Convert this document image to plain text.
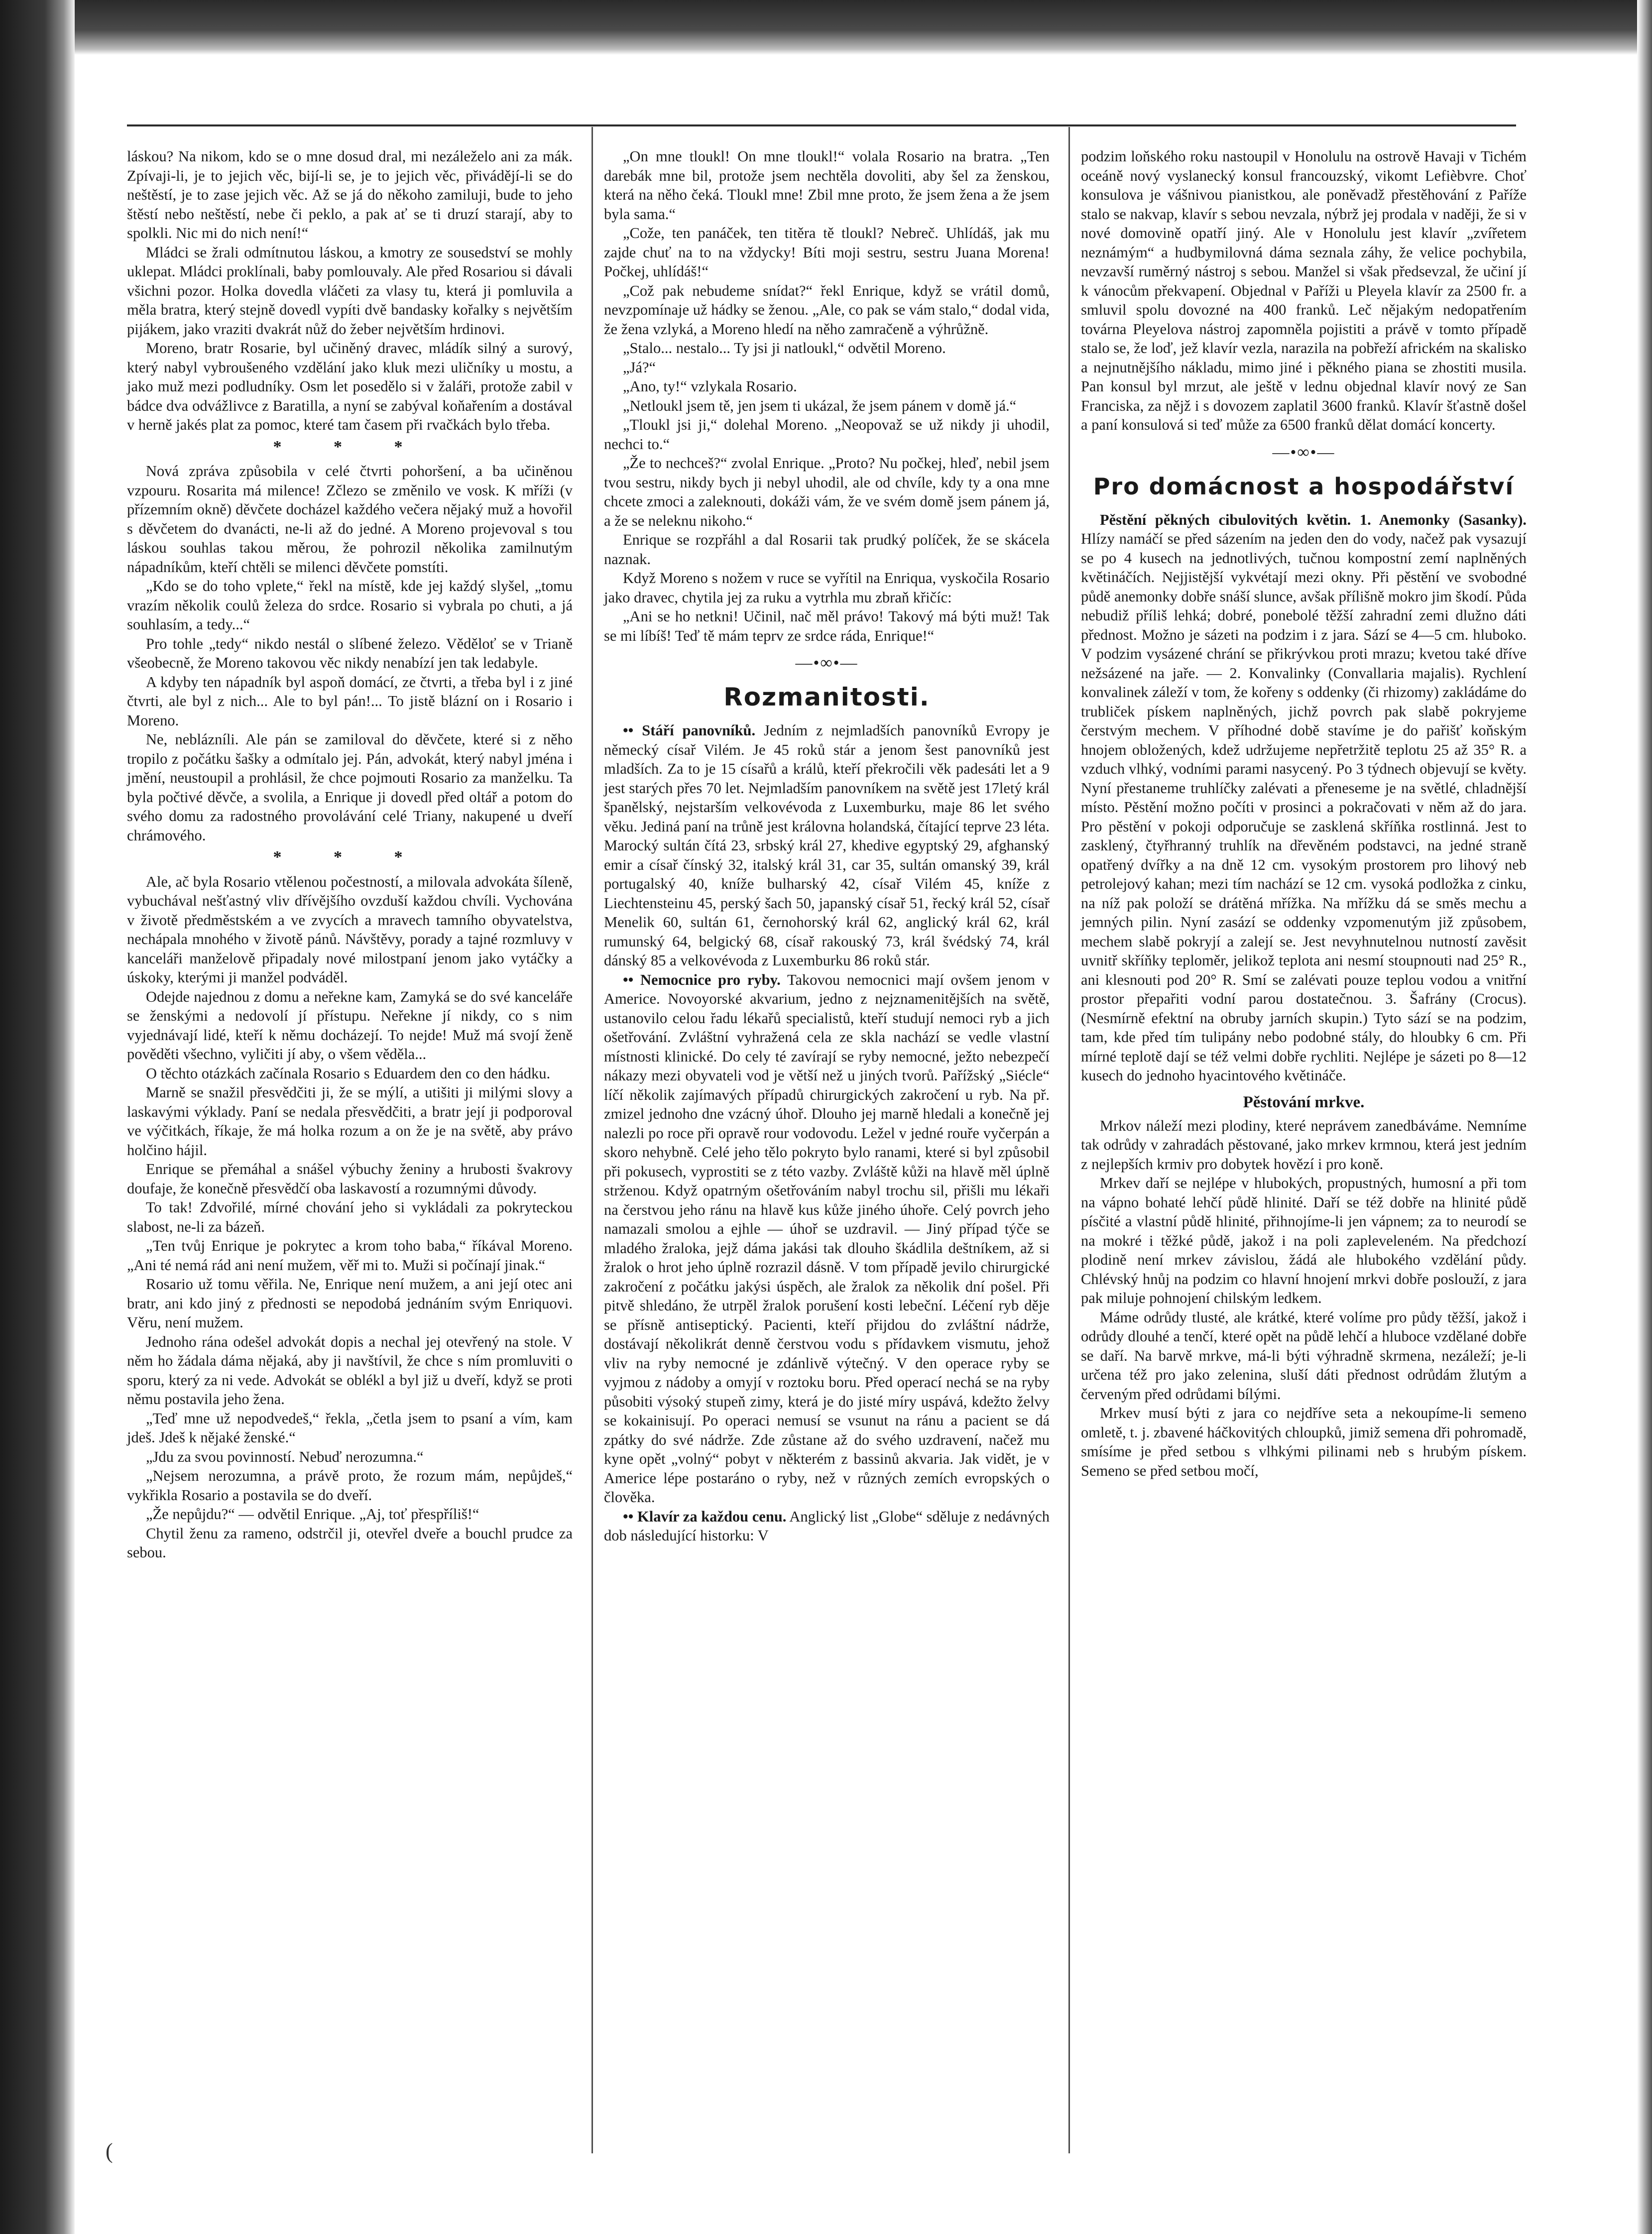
láskou? Na nikom, kdo se o mne dosud dral, mi nezáleželo ani za mák. Zpívaji-li, je to jejich věc, bijí-li se, je to jejich věc, přivádějí-li se do neštěstí, je to zase jejich věc. Až se já do někoho zamiluji, bude to jeho štěstí nebo neštěstí, nebe či peklo, a pak ať se ti druzí starají, aby to spolkli. Nic mi do nich není!“

Mládci se žrali odmítnutou láskou, a kmotry ze sousedství se mohly uklepat. Mládci proklínali, baby pomlouvaly. Ale před Rosariou si dávali všichni pozor. Holka dovedla vláčeti za vlasy tu, která ji pomluvila a měla bratra, který stejně dovedl vypíti dvě bandasky kořalky s největším pijákem, jako vraziti dvakrát nůž do žeber největším hrdinovi.

Moreno, bratr Rosarie, byl učiněný dravec, mládík silný a surový, který nabyl vybroušeného vzdělání jako kluk mezi uličníky u mostu, a jako muž mezi podludníky. Osm let posedělo si v žaláři, protože zabil v bádce dva odvážlivce z Baratilla, a nyní se zabýval koňařením a dostával v herně jakés plat za pomoc, které tam časem při rvačkách bylo třeba.

* * *

Nová zpráva způsobila v celé čtvrti pohoršení, a ba učiněnou vzpouru. Rosarita má milence! Zčlezo se změnilo ve vosk. K mříži (v přízemním okně) děvčete docházel každého večera nějaký muž a hovořil s děvčetem do dvanácti, ne-li až do jedné. A Moreno projevoval s tou láskou souhlas takou měrou, že pohrozil několika zamilnutým nápadníkům, kteří chtěli se milenci děvčete pomstíti.

„Kdo se do toho vplete,“ řekl na místě, kde jej každý slyšel, „tomu vrazím několik coulů železa do srdce. Rosario si vybrala po chuti, a já souhlasím, a tedy...“

Pro tohle „tedy“ nikdo nestál o slíbené železo. Věděloť se v Trianě všeobecně, že Moreno takovou věc nikdy nenabízí jen tak ledabyle.

A kdyby ten nápadník byl aspoň domácí, ze čtvrti, a třeba byl i z jiné čtvrti, ale byl z nich... Ale to byl pán!... To jistě blázní on i Rosario i Moreno.

Ne, neblázníli. Ale pán se zamiloval do děvčete, které si z něho tropilo z počátku šašky a odmítalo jej. Pán, advokát, který nabyl jména i jmění, neustoupil a prohlásil, že chce pojmouti Rosario za manželku. Ta byla počtivé děvče, a svolila, a Enrique ji dovedl před oltář a potom do svého domu za radostného provolávání celé Triany, nakupené u dveří chrámového.

* * *

Ale, ač byla Rosario vtělenou počestností, a milovala advokáta šíleně, vybuchával nešťastný vliv dřívějšího ovzduší každou chvíli. Vychována v životě předměstském a ve zvycích a mravech tamního obyvatelstva, nechápala mnohého v životě pánů. Návštěvy, porady a tajné rozmluvy v kanceláři manželově připadaly nové milostpaní jenom jako vytáčky a úskoky, kterými ji manžel podváděl.

Odejde najednou z domu a neřekne kam, Zamyká se do své kanceláře se ženskými a nedovolí jí přístupu. Neřekne jí nikdy, co s nim vyjednávají lidé, kteří k němu docházejí. To nejde! Muž má svojí ženě pověděti všechno, vyličiti jí aby, o všem věděla...

O těchto otázkách začínala Rosario s Eduardem den co den hádku.

Marně se snažil přesvědčiti ji, že se mýlí, a utišiti ji milými slovy a laskavými výklady. Paní se nedala přesvědčiti, a bratr její ji podporoval ve výčitkách, říkaje, že má holka rozum a on že je na světě, aby právo holčino hájil.

Enrique se přemáhal a snášel výbuchy ženiny a hrubosti švakrovy doufaje, že konečně přesvědčí oba laskavostí a rozumnými důvody.

To tak! Zdvořilé, mírné chování jeho si vykládali za pokryteckou slabost, ne-li za bázeň.

„Ten tvůj Enrique je pokrytec a krom toho baba,“ říkával Moreno. „Ani té nemá rád ani není mužem, věř mi to. Muži si počínají jinak.“

Rosario už tomu věřila. Ne, Enrique není mužem, a ani její otec ani bratr, ani kdo jiný z přednosti se nepodobá jednáním svým Enriquovi. Věru, není mužem.

Jednoho rána odešel advokát dopis a nechal jej otevřený na stole. V něm ho žádala dáma nějaká, aby ji navštívil, že chce s ním promluviti o sporu, který za ni vede. Advokát se oblékl a byl již u dveří, když se proti němu postavila jeho žena.

„Teď mne už nepodvedeš,“ řekla, „četla jsem to psaní a vím, kam jdeš. Jdeš k nějaké ženské.“

„Jdu za svou povinností. Nebuď nerozumna.“

„Nejsem nerozumna, a právě proto, že rozum mám, nepůjdeš,“ vykřikla Rosario a postavila se do dveří.

„Že nepůjdu?“ — odvětil Enrique. „Aj, toť přespříliš!“

Chytil ženu za rameno, odstrčil ji, otevřel dveře a bouchl prudce za sebou.

„On mne tloukl! On mne tloukl!“ volala Rosario na bratra. „Ten darebák mne bil, protože jsem nechtěla dovoliti, aby šel za ženskou, která na něho čeká. Tloukl mne! Zbil mne proto, že jsem žena a že jsem byla sama.“

„Cože, ten panáček, ten titěra tě tloukl? Nebreč. Uhlídáš, jak mu zajde chuť na to na vždycky! Bíti moji sestru, sestru Juana Morena! Počkej, uhlídáš!“

„Což pak nebudeme snídat?“ řekl Enrique, když se vrátil domů, nevzpomínaje už hádky se ženou. „Ale, co pak se vám stalo,“ dodal vida, že žena vzlyká, a Moreno hledí na něho zamračeně a výhrůžně.

„Stalo... nestalo... Ty jsi ji natloukl,“ odvětil Moreno.

„Já?“

„Ano, ty!“ vzlykala Rosario.

„Netloukl jsem tě, jen jsem ti ukázal, že jsem pánem v domě já.“

„Tloukl jsi ji,“ dolehal Moreno. „Neopovaž se už nikdy ji uhodil, nechci to.“

„Že to nechceš?“ zvolal Enrique. „Proto? Nu počkej, hleď, nebil jsem tvou sestru, nikdy bych ji nebyl uhodil, ale od chvíle, kdy ty a ona mne chcete zmoci a zaleknouti, dokáži vám, že ve svém domě jsem pánem já, a že se neleknu nikoho.“

Enrique se rozpřáhl a dal Rosarii tak prudký políček, že se skácela naznak.

Když Moreno s nožem v ruce se vyřítil na Enriqua, vyskočila Rosario jako dravec, chytila jej za ruku a vytrhla mu zbraň křičíc:

„Ani se ho netkni! Učinil, nač měl právo! Takový má býti muž! Tak se mi líbíš! Teď tě mám teprv ze srdce ráda, Enrique!“

—•∞•—
Rozmanitosti.

•• Stáří panovníků. Jedním z nejmladších panovníků Evropy je německý císař Vilém. Je 45 roků stár a jenom šest panovníků jest mladších. Za to je 15 císařů a králů, kteří překročili věk padesáti let a 9 jest starých přes 70 let. Nejmladším panovníkem na světě jest 17letý král španělský, nejstarším velkovévoda z Luxemburku, maje 86 let svého věku. Jediná paní na trůně jest královna holandská, čítající teprve 23 léta. Marocký sultán čítá 23, srbský král 27, khedive egyptský 29, afghanský emir a císař čínský 32, italský král 31, car 35, sultán omanský 39, král portugalský 40, kníže bulharský 42, císař Vilém 45, kníže z Liechtensteinu 45, perský šach 50, japanský císař 51, řecký král 52, císař Menelik 60, sultán 61, černohorský král 62, anglický král 62, král rumunský 64, belgický 68, císař rakouský 73, král švédský 74, král dánský 85 a velkovévoda z Luxemburku 86 roků stár.

•• Nemocnice pro ryby. Takovou nemocnici mají ovšem jenom v Americe. Novoyorské akvarium, jedno z nejznamenitějších na světě, ustanovilo celou řadu lékařů specialistů, kteří studují nemoci ryb a jich ošetřování. Zvláštní vyhražená cela ze skla nachází se vedle vlastní místnosti klinické. Do cely té zavírají se ryby nemocné, ježto nebezpečí nákazy mezi obyvateli vod je větší než u jiných tvorů. Pařížský „Siécle“ líčí několik zajímavých případů chirurgických zakročení u ryb. Na př. zmizel jednoho dne vzácný úhoř. Dlouho jej marně hledali a konečně jej nalezli po roce při opravě rour vodovodu. Ležel v jedné rouře vyčerpán a skoro nehybně. Celé jeho tělo pokryto bylo ranami, které si byl způsobil při pokusech, vyprostiti se z této vazby. Zvláště kůži na hlavě měl úplně strženou. Když opatrným ošetřováním nabyl trochu sil, přišli mu lékaři na čerstvou jeho ránu na hlavě kus kůže jiného úhoře. Celý povrch jeho namazali smolou a ejhle — úhoř se uzdravil. — Jiný případ týče se mladého žraloka, jejž dáma jakási tak dlouho škádlila deštníkem, až si žralok o hrot jeho úplně rozrazil dásně. V tom případě jevilo chirurgické zakročení z počátku jakýsi úspěch, ale žralok za několik dní pošel. Při pitvě shledáno, že utrpěl žralok porušení kosti lebeční. Léčení ryb děje se přísně antiseptický. Pacienti, kteří přijdou do zvláštní nádrže, dostávají několikrát denně čerstvou vodu s přídavkem vismutu, jehož vliv na ryby nemocné je zdánlivě výtečný. V den operace ryby se vyjmou z nádoby a omyjí v roztoku boru. Před operací nechá se na ryby působiti výsoký stupeň zimy, která je do jisté míry uspává, kdežto želvy se kokainisují. Po operaci nemusí se vsunut na ránu a pacient se dá zpátky do své nádrže. Zde zůstane až do svého uzdravení, načež mu kyne opět „volný“ pobyt v některém z bassinů akvaria. Jak vidět, je v Americe lépe postaráno o ryby, než v různých zemích evropských o člověka.

•• Klavír za každou cenu. Anglický list „Globe“ sděluje z nedávných dob následující historku: V

podzim loňského roku nastoupil v Honolulu na ostrově Havaji v Tichém oceáně nový vyslanecký konsul francouzský, vikomt Lefièbvre. Choť konsulova je vášnivou pianistkou, ale poněvadž přestěhování z Paříže stalo se nakvap, klavír s sebou nevzala, nýbrž jej prodala v naději, že si v nové domovině opatří jiný. Ale v Honolulu jest klavír „zvířetem neznámým“ a hudbymilovná dáma seznala záhy, že velice pochybila, nevzavší ruměrný nástroj s sebou. Manžel si však předsevzal, že učiní jí k vánocům překvapení. Objednal v Paříži u Pleyela klavír za 2500 fr. a smluvil spolu dovozné na 400 franků. Leč nějakým nedopatřením továrna Pleyelova nástroj zapomněla pojistiti a právě v tomto případě stalo se, že loď, jež klavír vezla, narazila na pobřeží africkém na skalisko a nejnutnějšího nákladu, mimo jiné i pěkného piana se zhostiti musila. Pan konsul byl mrzut, ale ještě v lednu objednal klavír nový ze San Franciska, za nějž i s dovozem zaplatil 3600 franků. Klavír šťastně došel a paní konsulová si teď může za 6500 franků dělat domácí koncerty.

—•∞•—
Pro domácnost a hospodářství

Pěstění pěkných cibulovitých květin. 1. Anemonky (Sasanky). Hlízy namáčí se před sázením na jeden den do vody, načež pak vysazují se po 4 kusech na jednotlivých, tučnou kompostní zemí naplněných květináčích. Nejjistější vykvétají mezi okny. Při pěstění ve svobodné půdě anemonky dobře snáší slunce, avšak přílišně mokro jim škodí. Půda nebudiž příliš lehká; dobré, ponebolé těžší zahradní zemi dlužno dáti přednost. Možno je sázeti na podzim i z jara. Sází se 4—5 cm. hluboko. V podzim vysázené chrání se přikrývkou proti mrazu; kvetou také dříve nežsázené na jaře. — 2. Konvalinky (Convallaria majalis). Rychlení konvalinek záleží v tom, že kořeny s oddenky (či rhizomy) zakládáme do trubliček pískem naplněných, jichž povrch pak slabě pokryjeme čerstvým mechem. V příhodné době stavíme je do pařišť koňským hnojem obložených, kdež udržujeme nepřetržitě teplotu 25 až 35° R. a vzduch vlhký, vodními parami nasycený. Po 3 týdnech objevují se květy. Nyní přestaneme truhlíčky zalévati a přeneseme je na světlé, chladnější místo. Pěstění možno počíti v prosinci a pokračovati v něm až do jara. Pro pěstění v pokoji odporučuje se zasklená skříňka rostlinná. Jest to zasklený, čtyřhranný truhlík na dřevěném podstavci, na jedné straně opatřený dvířky a na dně 12 cm. vysokým prostorem pro lihový neb petrolejový kahan; mezi tím nachází se 12 cm. vysoká podložka z cinku, na níž pak položí se drátěná mřížka. Na mřížku dá se směs mechu a jemných pilin. Nyní zasází se oddenky vzpomenutým již způsobem, mechem slabě pokryjí a zalejí se. Jest nevyhnutelnou nutností zavěsit uvnitř skříňky teploměr, jelikož teplota ani nesmí stoupnouti nad 25° R., ani klesnouti pod 20° R. Smí se zalévati pouze teplou vodou a vnitřní prostor přepařiti vodní parou dostatečnou. 3. Šafrány (Crocus). (Nesmírně efektní na obruby jarních skupin.) Tyto sází se na podzim, tam, kde před tím tulipány nebo podobné stály, do hloubky 6 cm. Při mírné teplotě dají se též velmi dobře rychliti. Nejlépe je sázeti po 8—12 kusech do jednoho hyacintového květináče.

Pěstování mrkve.

Mrkov náleží mezi plodiny, které neprávem zanedbáváme. Nemníme tak odrůdy v zahradách pěstované, jako mrkev krmnou, která jest jedním z nejlepších krmiv pro dobytek hovězí i pro koně.

Mrkev daří se nejlépe v hlubokých, propustných, humosní a při tom na vápno bohaté lehčí půdě hlinité. Daří se též dobře na hlinité půdě písčité a vlastní půdě hlinité, přihnojíme-li jen vápnem; za to neurodí se na mokré i těžké půdě, jakož i na poli zapleveleném. Na předchozí plodině není mrkev závislou, žádá ale hlubokého vzdělání půdy. Chlévský hnůj na podzim co hlavní hnojení mrkvi dobře poslouží, z jara pak miluje pohnojení chilským ledkem.

Máme odrůdy tlusté, ale krátké, které volíme pro půdy těžší, jakož i odrůdy dlouhé a tenčí, které opět na půdě lehčí a hluboce vzdělané dobře se daří. Na barvě mrkve, má-li býti výhradně skrmena, nezáleží; je-li určena též pro jako zelenina, sluší dáti přednost odrůdám žlutým a červeným před odrůdami bílými.

Mrkev musí býti z jara co nejdříve seta a nekoupíme-li semeno omletě, t. j. zbavené háčkovitých chloupků, jimiž semena dři pohromadě, smísíme je před setbou s vlhkými pilinami neb s hrubým pískem. Semeno se před setbou močí,

(
